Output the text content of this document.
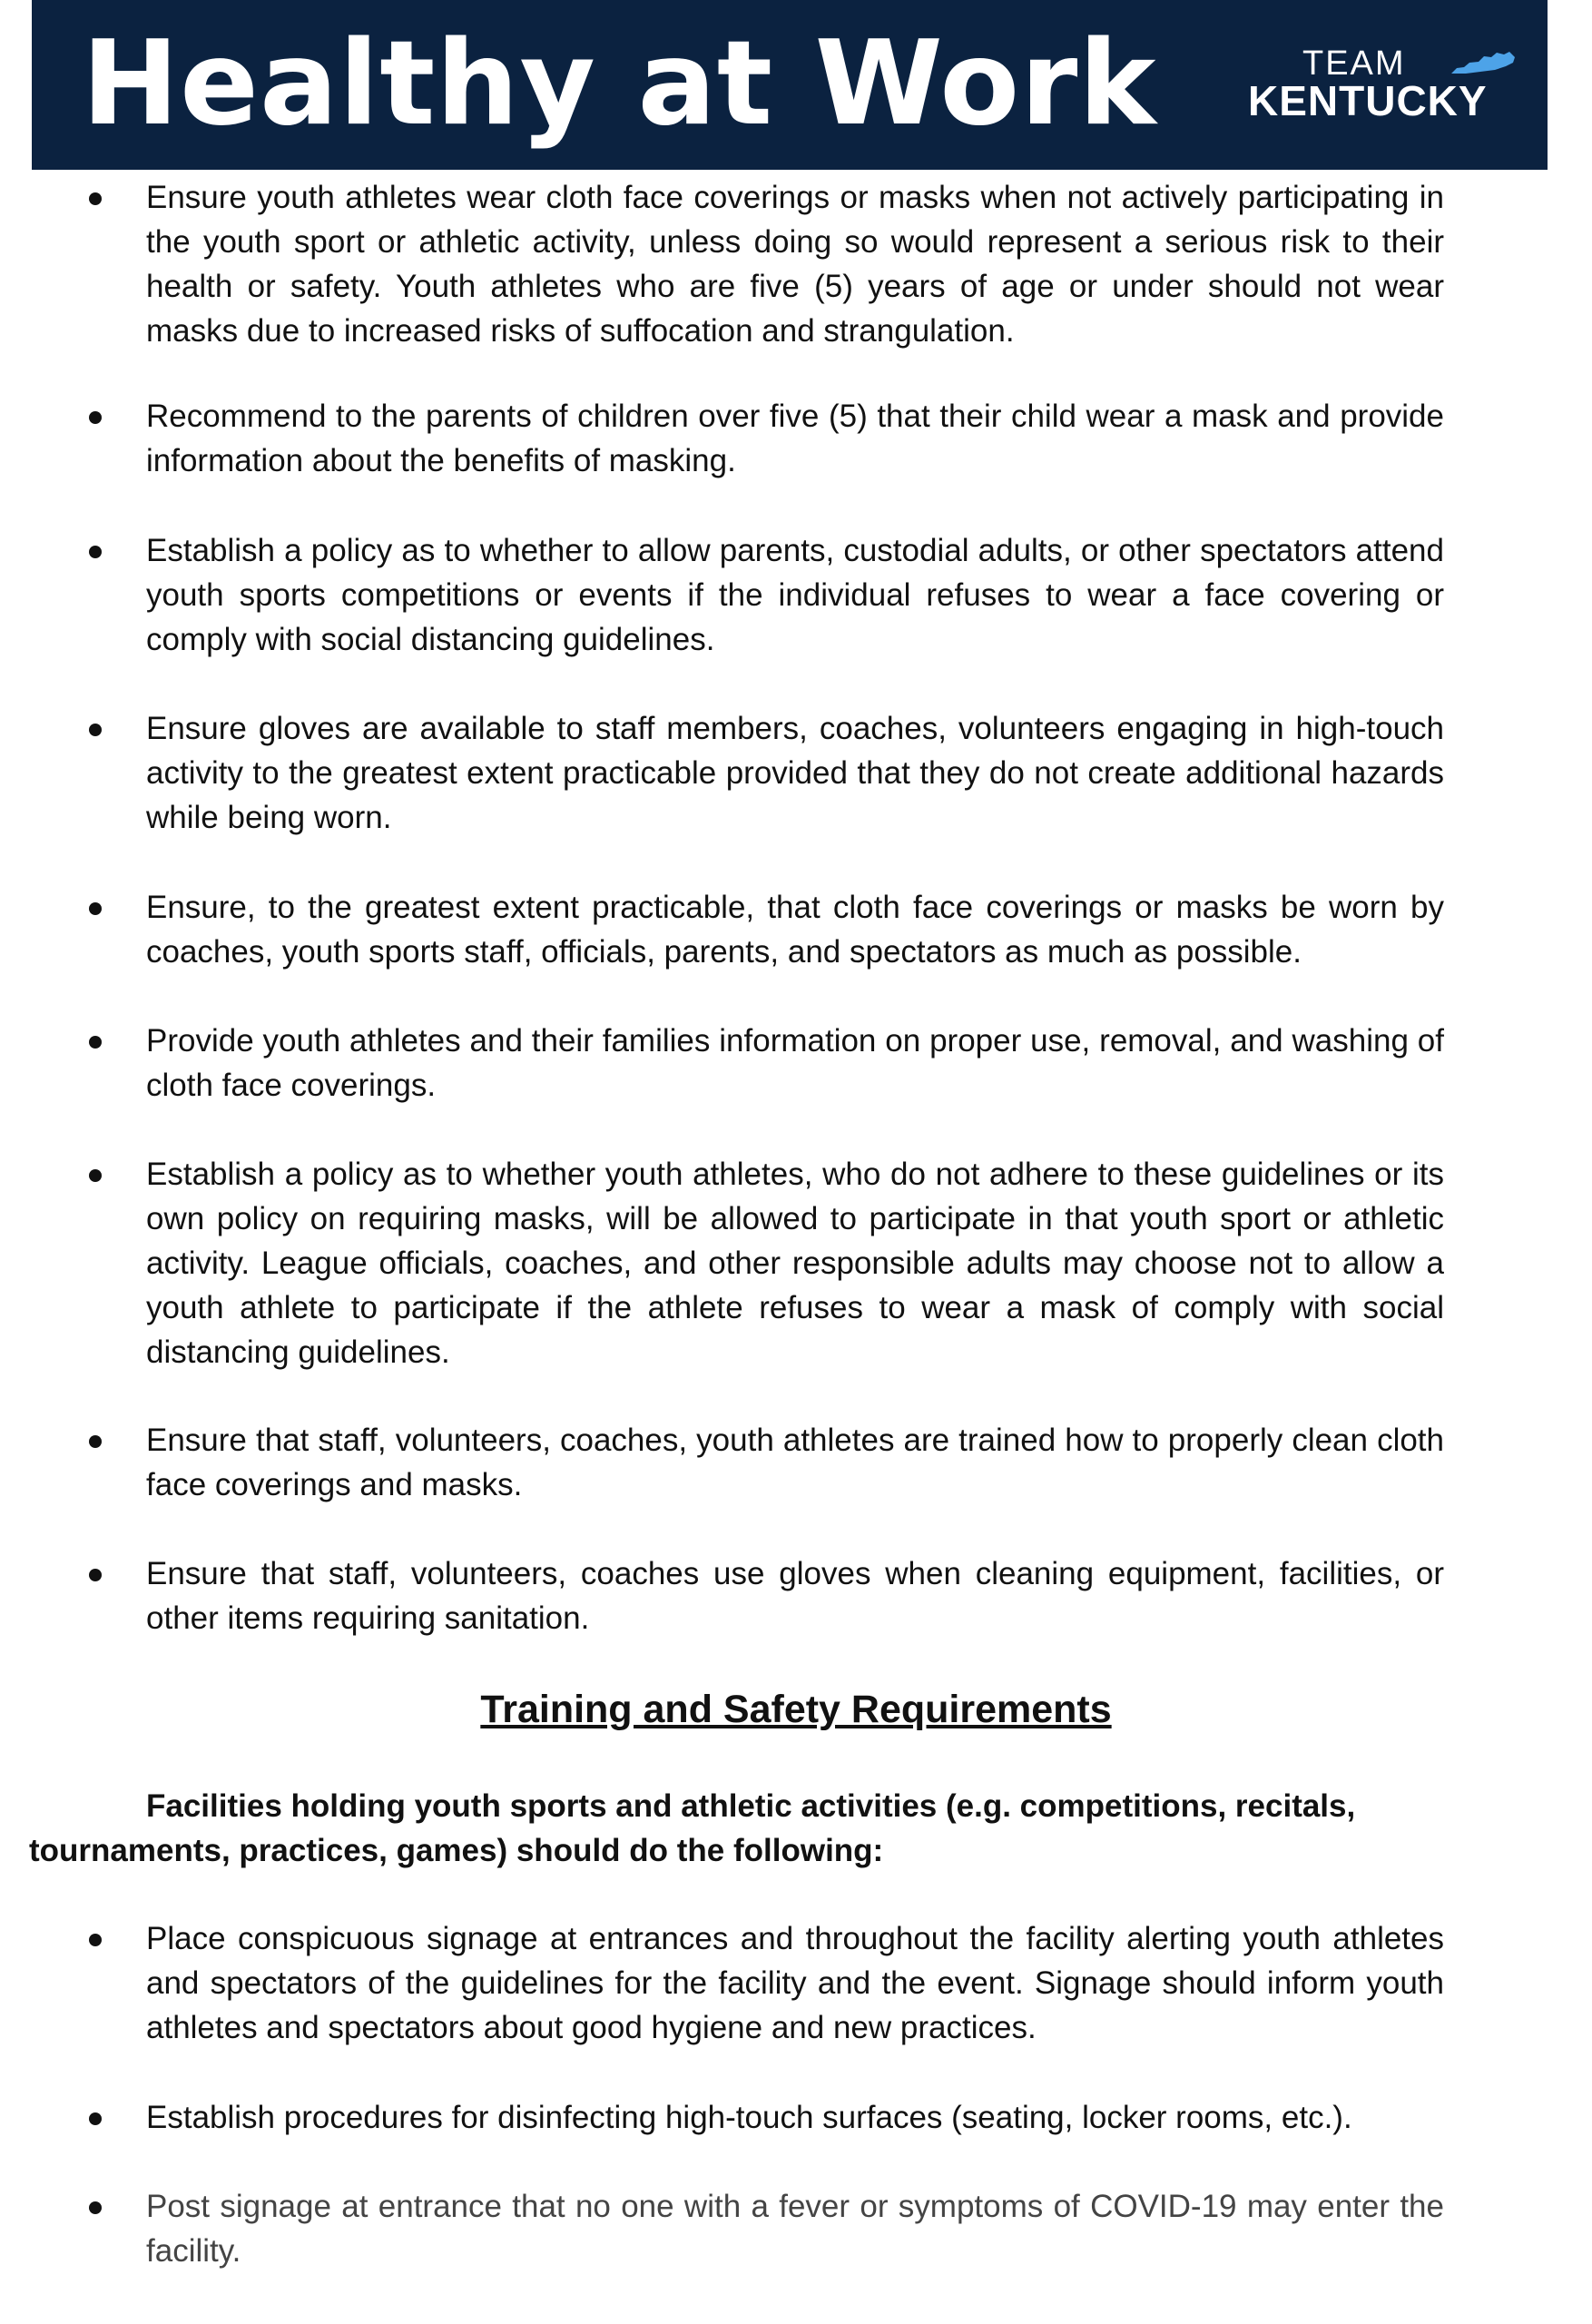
Healthy at Work	TEAM
KENTUCKY
Ensure youth athletes wear cloth face coverings or masks when not actively participating in the youth sport or athletic activity, unless doing so would represent a serious risk to their health or safety. Youth athletes who are five (5) years of age or under should not wear masks due to increased risks of suffocation and strangulation.
Recommend to the parents of children over five (5) that their child wear a mask and provide information about the benefits of masking.
Establish a policy as to whether to allow parents, custodial adults, or other spectators attend youth sports competitions or events if the individual refuses to wear a face covering or comply with social distancing guidelines.
Ensure gloves are available to staff members, coaches, volunteers engaging in high-touch activity to the greatest extent practicable provided that they do not create additional hazards while being worn.
Ensure, to the greatest extent practicable, that cloth face coverings or masks be worn by coaches, youth sports staff, officials, parents, and spectators as much as possible.
Provide youth athletes and their families information on proper use, removal, and washing of cloth face coverings.
Establish a policy as to whether youth athletes, who do not adhere to these guidelines or its own policy on requiring masks, will be allowed to participate in that youth sport or athletic activity. League officials, coaches, and other responsible adults may choose not to allow a youth athlete to participate if the athlete refuses to wear a mask of comply with social distancing guidelines.
Ensure that staff, volunteers, coaches, youth athletes are trained how to properly clean cloth face coverings and masks.
Ensure that staff, volunteers, coaches use gloves when cleaning equipment, facilities, or other items requiring sanitation.
Training and Safety Requirements
Facilities holding youth sports and athletic activities (e.g. competitions, recitals, tournaments, practices, games) should do the following:
Place conspicuous signage at entrances and throughout the facility alerting youth athletes and spectators of the guidelines for the facility and the event. Signage should inform youth athletes and spectators about good hygiene and new practices.
Establish procedures for disinfecting high-touch surfaces (seating, locker rooms, etc.).
Post signage at entrance that no one with a fever or symptoms of COVID-19 may enter the facility.
